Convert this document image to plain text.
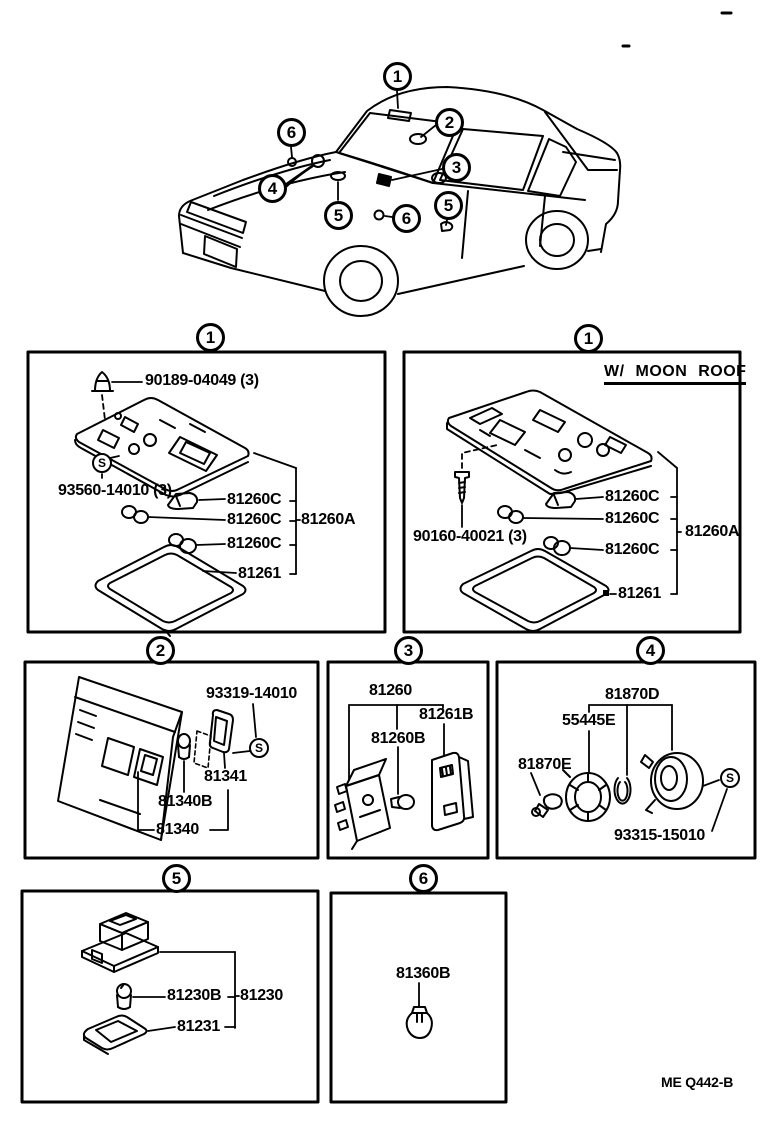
1
2
3
4
5
5
6
6
1	1
2	3	4
5	6
S
S
S
90189-04049 (3)
93560-14010 (3)
81260C
81260C
81260C
81260A
81261
W/ MOON ROOF
90160-40021 (3)
81260C
81260C
81260C
81260A
81261
93319-14010
81341
81340B
81340
81260
81261B
81260B
81870D
55445E
81870E
93315-15010
81230B 81230
81231
81360B
ME Q442-B
